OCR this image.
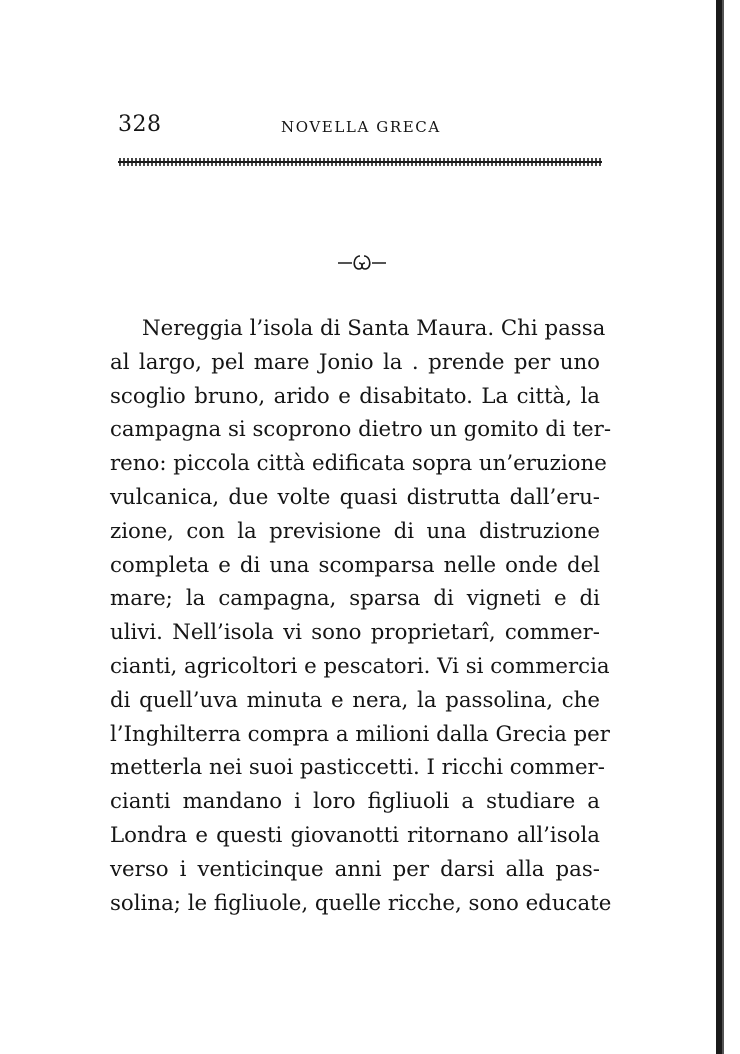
328	NOVELLA GRECA
Nereggia l’isola di Santa Maura. Chi passa
al largo, pel mare Jonio la . prende per uno
scoglio bruno, arido e disabitato. La città, la
campagna si scoprono dietro un gomito di ter-
reno: piccola città edificata sopra un’eruzione
vulcanica, due volte quasi distrutta dall’eru-
zione, con la previsione di una distruzione
completa e di una scomparsa nelle onde del
mare; la campagna, sparsa di vigneti e di
ulivi. Nell’isola vi sono proprietarî, commer-
cianti, agricoltori e pescatori. Vi si commercia
di quell’uva minuta e nera, la passolina, che
l’Inghilterra compra a milioni dalla Grecia per
metterla nei suoi pasticcetti. I ricchi commer-
cianti mandano i loro figliuoli a studiare a
Londra e questi giovanotti ritornano all’isola
verso i venticinque anni per darsi alla pas-
solina; le figliuole, quelle ricche, sono educate
